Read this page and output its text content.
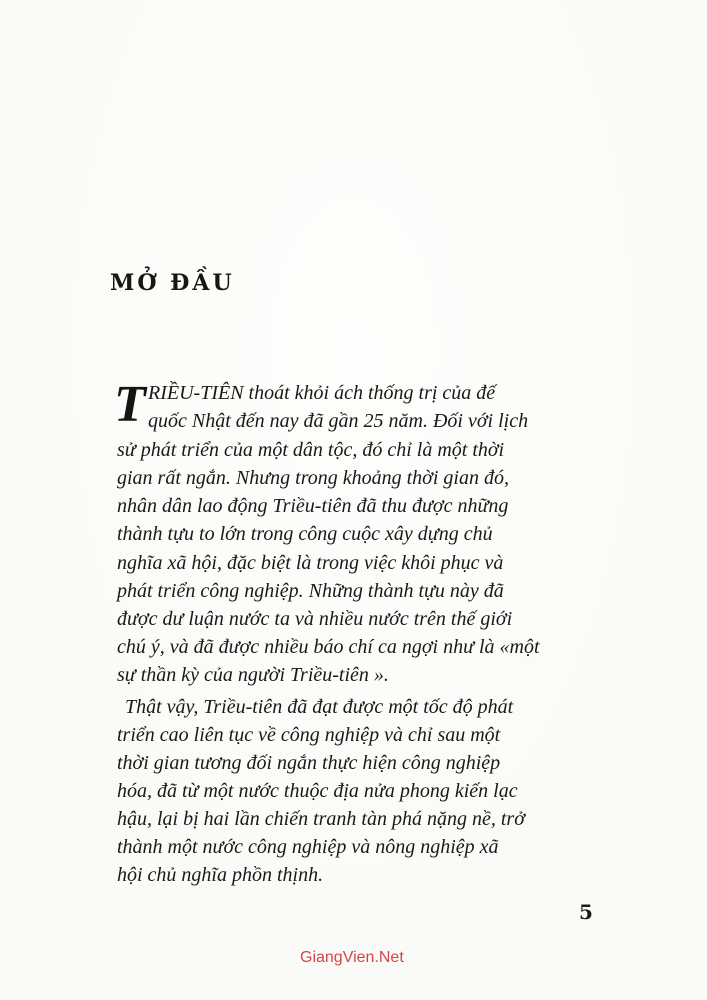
MỞ ĐẦU
T RIỀU-TIÊN thoát khỏi ách thống trị của đế
quốc Nhật đến nay đã gần 25 năm. Đối với lịch
sử phát triển của một dân tộc, đó chỉ là một thời
gian rất ngắn. Nhưng trong khoảng thời gian đó,
nhân dân lao động Triều-tiên đã thu được những
thành tựu to lớn trong công cuộc xây dựng chủ
nghĩa xã hội, đặc biệt là trong việc khôi phục và
phát triển công nghiệp. Những thành tựu này đã
được dư luận nước ta và nhiều nước trên thế giới
chú ý, và đã được nhiều báo chí ca ngợi như là «một
sự thần kỳ của người Triều-tiên ».
Thật vậy, Triều-tiên đã đạt được một tốc độ phát
triển cao liên tục về công nghiệp và chỉ sau một
thời gian tương đối ngắn thực hiện công nghiệp
hóa, đã từ một nước thuộc địa nửa phong kiến lạc
hậu, lại bị hai lần chiến tranh tàn phá nặng nề, trở
thành một nước công nghiệp và nông nghiệp xã
hội chủ nghĩa phồn thịnh.
5
GiangVien.Net
